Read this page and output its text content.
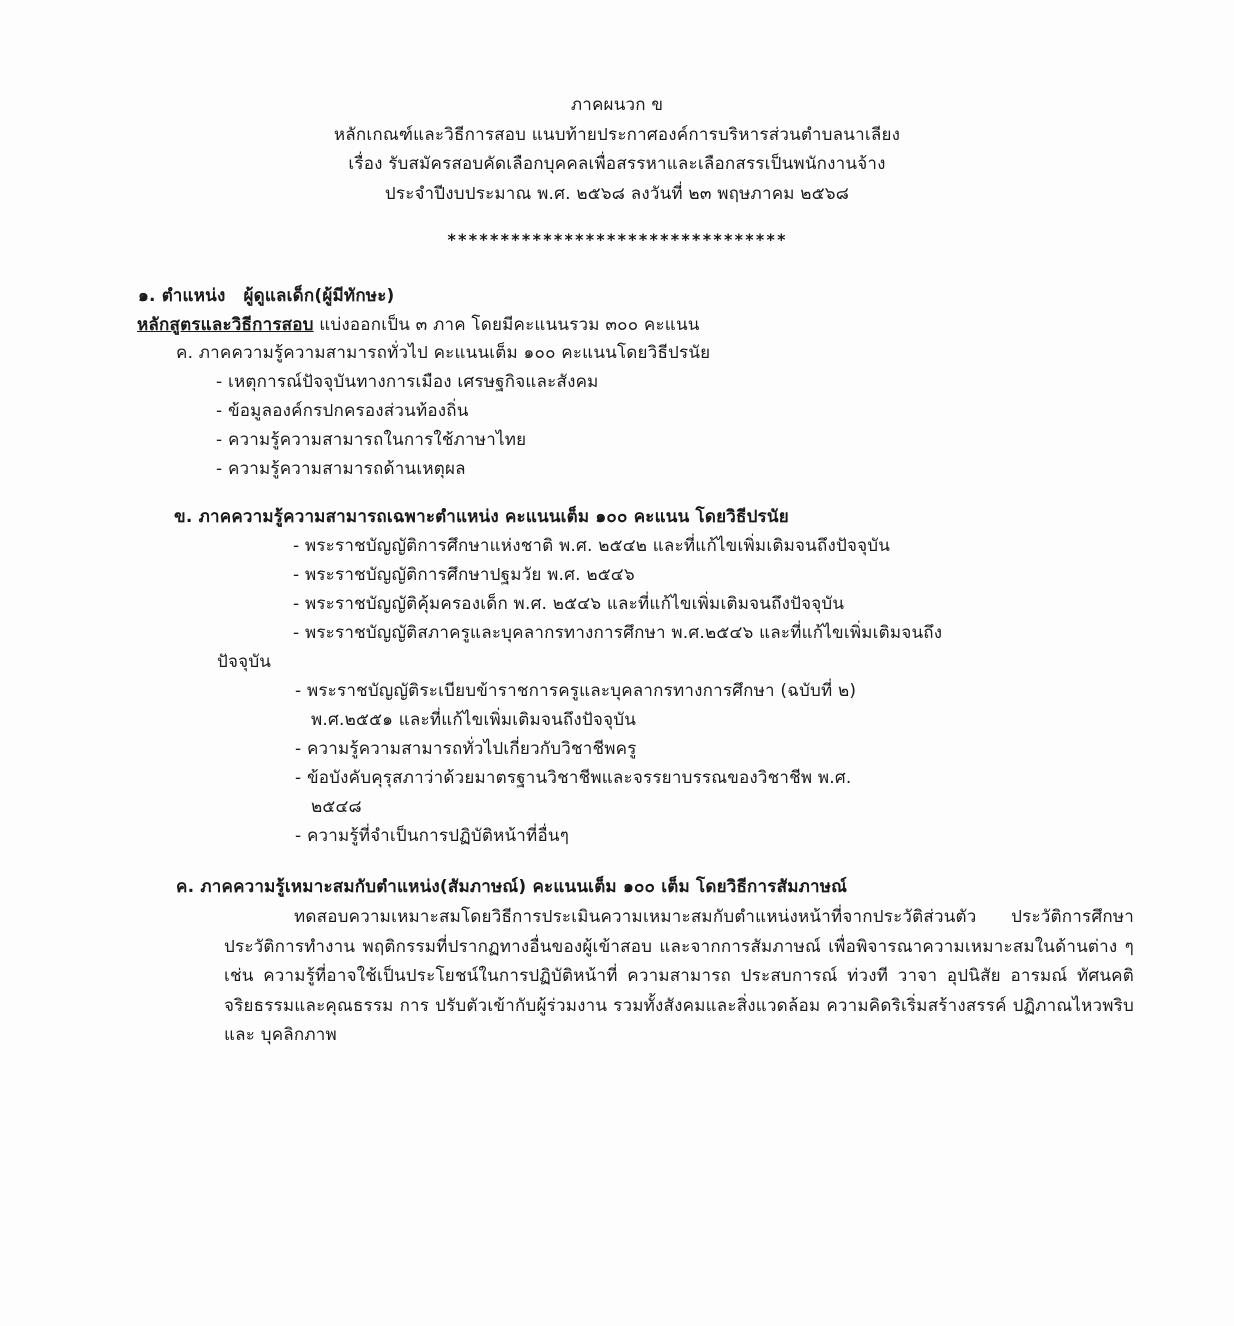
ภาคผนวก ข
หลักเกณฑ์และวิธีการสอบ แนบท้ายประกาศองค์การบริหารส่วนตำบลนาเลียง
เรื่อง รับสมัครสอบคัดเลือกบุคคลเพื่อสรรหาและเลือกสรรเป็นพนักงานจ้าง
ประจำปีงบประมาณ พ.ศ. ๒๕๖๘ ลงวันที่ ๒๓ พฤษภาคม ๒๕๖๘
********************************
๑. ตำแหน่ง ผู้ดูแลเด็ก(ผู้มีทักษะ)
หลักสูตรและวิธีการสอบ แบ่งออกเป็น ๓ ภาค โดยมีคะแนนรวม ๓๐๐ คะแนน
ค. ภาคความรู้ความสามารถทั่วไป คะแนนเต็ม ๑๐๐ คะแนนโดยวิธีปรนัย
- เหตุการณ์ปัจจุบันทางการเมือง เศรษฐกิจและสังคม
- ข้อมูลองค์กรปกครองส่วนท้องถิ่น
- ความรู้ความสามารถในการใช้ภาษาไทย
- ความรู้ความสามารถด้านเหตุผล
ข. ภาคความรู้ความสามารถเฉพาะตำแหน่ง คะแนนเต็ม ๑๐๐ คะแนน โดยวิธีปรนัย
- พระราชบัญญัติการศึกษาแห่งชาติ พ.ศ. ๒๕๔๒ และที่แก้ไขเพิ่มเติมจนถึงปัจจุบัน
- พระราชบัญญัติการศึกษาปฐมวัย พ.ศ. ๒๕๔๖
- พระราชบัญญัติคุ้มครองเด็ก พ.ศ. ๒๕๔๖ และที่แก้ไขเพิ่มเติมจนถึงปัจจุบัน
- พระราชบัญญัติสภาครูและบุคลากรทางการศึกษา พ.ศ.๒๕๔๖ และที่แก้ไขเพิ่มเติมจนถึง
ปัจจุบัน
- พระราชบัญญัติระเบียบข้าราชการครูและบุคลากรทางการศึกษา (ฉบับที่ ๒)
พ.ศ.๒๕๕๑ และที่แก้ไขเพิ่มเติมจนถึงปัจจุบัน
- ความรู้ความสามารถทั่วไปเกี่ยวกับวิชาชีพครู
- ข้อบังคับคุรุสภาว่าด้วยมาตรฐานวิชาชีพและจรรยาบรรณของวิชาชีพ พ.ศ.
๒๕๔๘
- ความรู้ที่จำเป็นการปฏิบัติหน้าที่อื่นๆ
ค. ภาคความรู้เหมาะสมกับตำแหน่ง(สัมภาษณ์) คะแนนเต็ม ๑๐๐ เต็ม โดยวิธีการสัมภาษณ์
ทดสอบความเหมาะสมโดยวิธีการประเมินความเหมาะสมกับตำแหน่งหน้าที่จากประวัติส่วนตัว ประวัติการศึกษา ประวัติการทำงาน พฤติกรรมที่ปรากฏทางอื่นของผู้เข้าสอบ และจากการสัมภาษณ์ เพื่อพิจารณาความเหมาะสมในด้านต่าง ๆ เช่น ความรู้ที่อาจใช้เป็นประโยชน์ในการปฏิบัติหน้าที่ ความสามารถ ประสบการณ์ ท่วงที วาจา อุปนิสัย อารมณ์ ทัศนคติ จริยธรรมและคุณธรรม การ ปรับตัวเข้ากับผู้ร่วมงาน รวมทั้งสังคมและสิ่งแวดล้อม ความคิดริเริ่มสร้างสรรค์ ปฏิภาณไหวพริบและ บุคลิกภาพ
